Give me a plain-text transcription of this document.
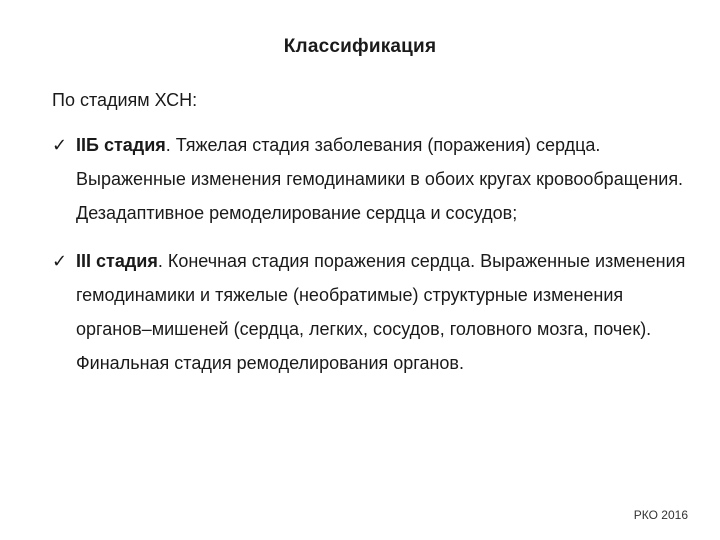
Классификация
По стадиям ХСН:
✓ IIБ стадия. Тяжелая стадия заболевания (поражения) сердца. Выраженные изменения гемодинамики в обоих кругах кровообращения. Дезадаптивное ремоделирование сердца и сосудов;
✓ III стадия. Конечная стадия поражения сердца. Выраженные изменения гемодинамики и тяжелые (необратимые) структурные изменения органов–мишеней (сердца, легких, сосудов, головного мозга, почек). Финальная стадия ремоделирования органов.
РКО 2016
